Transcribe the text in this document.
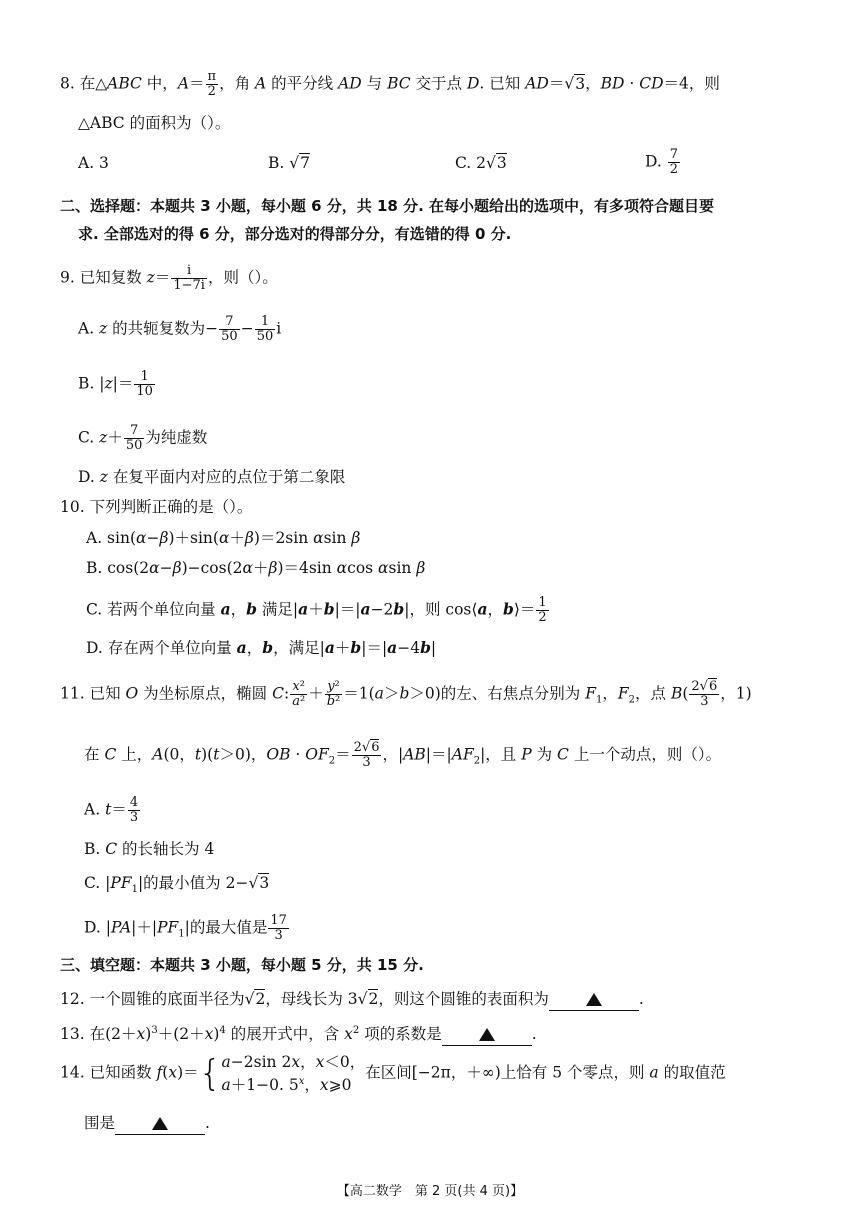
8. 在△ABC 中，$A= \frac{\pi}{2}$ ，角 A 的平分线 AD 与 BC 交于点 D. 已知 AD＝√3，BD · CD＝4，则
△ABC 的面积为（）。
A. 3	B. √7	C. 2√3	D. $\frac{7}{2}$
二、选择题：本题共 3 小题，每小题 6 分，共 18 分. 在每小题给出的选项中，有多项符合题目要
求. 全部选对的得 6 分，部分选对的得部分分，有选错的得 0 分.
9. 已知复数 $z= \frac{i}{1-7i}$ ，则（）。
A. z 的共轭复数为− $\frac{7}{50} - \frac{1}{50}$ i
B. $|z|= \frac{1}{10}$
C. $z+ \frac{7}{50}$ 为纯虚数
D. z 在复平面内对应的点位于第二象限
10. 下列判断正确的是（）。
A. sin(α−β)＋sin(α＋β)＝2sin αsin β
B. cos(2α−β)−cos(2α＋β)＝4sin αcos αsin β
C. 若两个单位向量 a，b 满足|a＋b|＝|a−2b|，则 cos⟨a，b⟩＝ $\frac{1}{2}$
D. 存在两个单位向量 a，b，满足|a＋b|＝|a−4b|
11. 已知 O 为坐标原点，椭圆 C: $\frac{\text{x²}}{\text{a²}} + \frac{\text{y²}}{\text{b²}} =1(a>b>0)$的左、右焦点分别为 $F_1$，$F_2$，点 $B( \frac{2√6}{3}$ ，1)
在 C 上，A(0，t)(t＞0)，OB · $OF_2= \frac{2√6}{3}$ ，$|AB|=|AF_2|$，且 P 为 C 上一个动点，则（）。
A. $t= \frac{4}{3}$
B. C 的长轴长为 4
C. $|PF_1|$的最小值为 2−√3
D. $|PA|+|PF_1|$的最大值是 $\frac{17}{3}$
三、填空题：本题共 3 小题，每小题 5 分，共 15 分.
12. 一个圆锥的底面半径为√2，母线长为 3√2，则这个圆锥的表面积为	.
13. 在$(2+x)^3+(2+x)^4$ 的展开式中，含 $x^2$ 项的系数是	.
14. 已知函数 f(x)＝{ a−2sin 2x，x＜0，
a＋1−0. 5$^x$，x⩾0
在区间[−2π，＋∞)上恰有 5 个零点，则 a 的取值范
围是	.
【高二数学　第 2 页(共 4 页)】
